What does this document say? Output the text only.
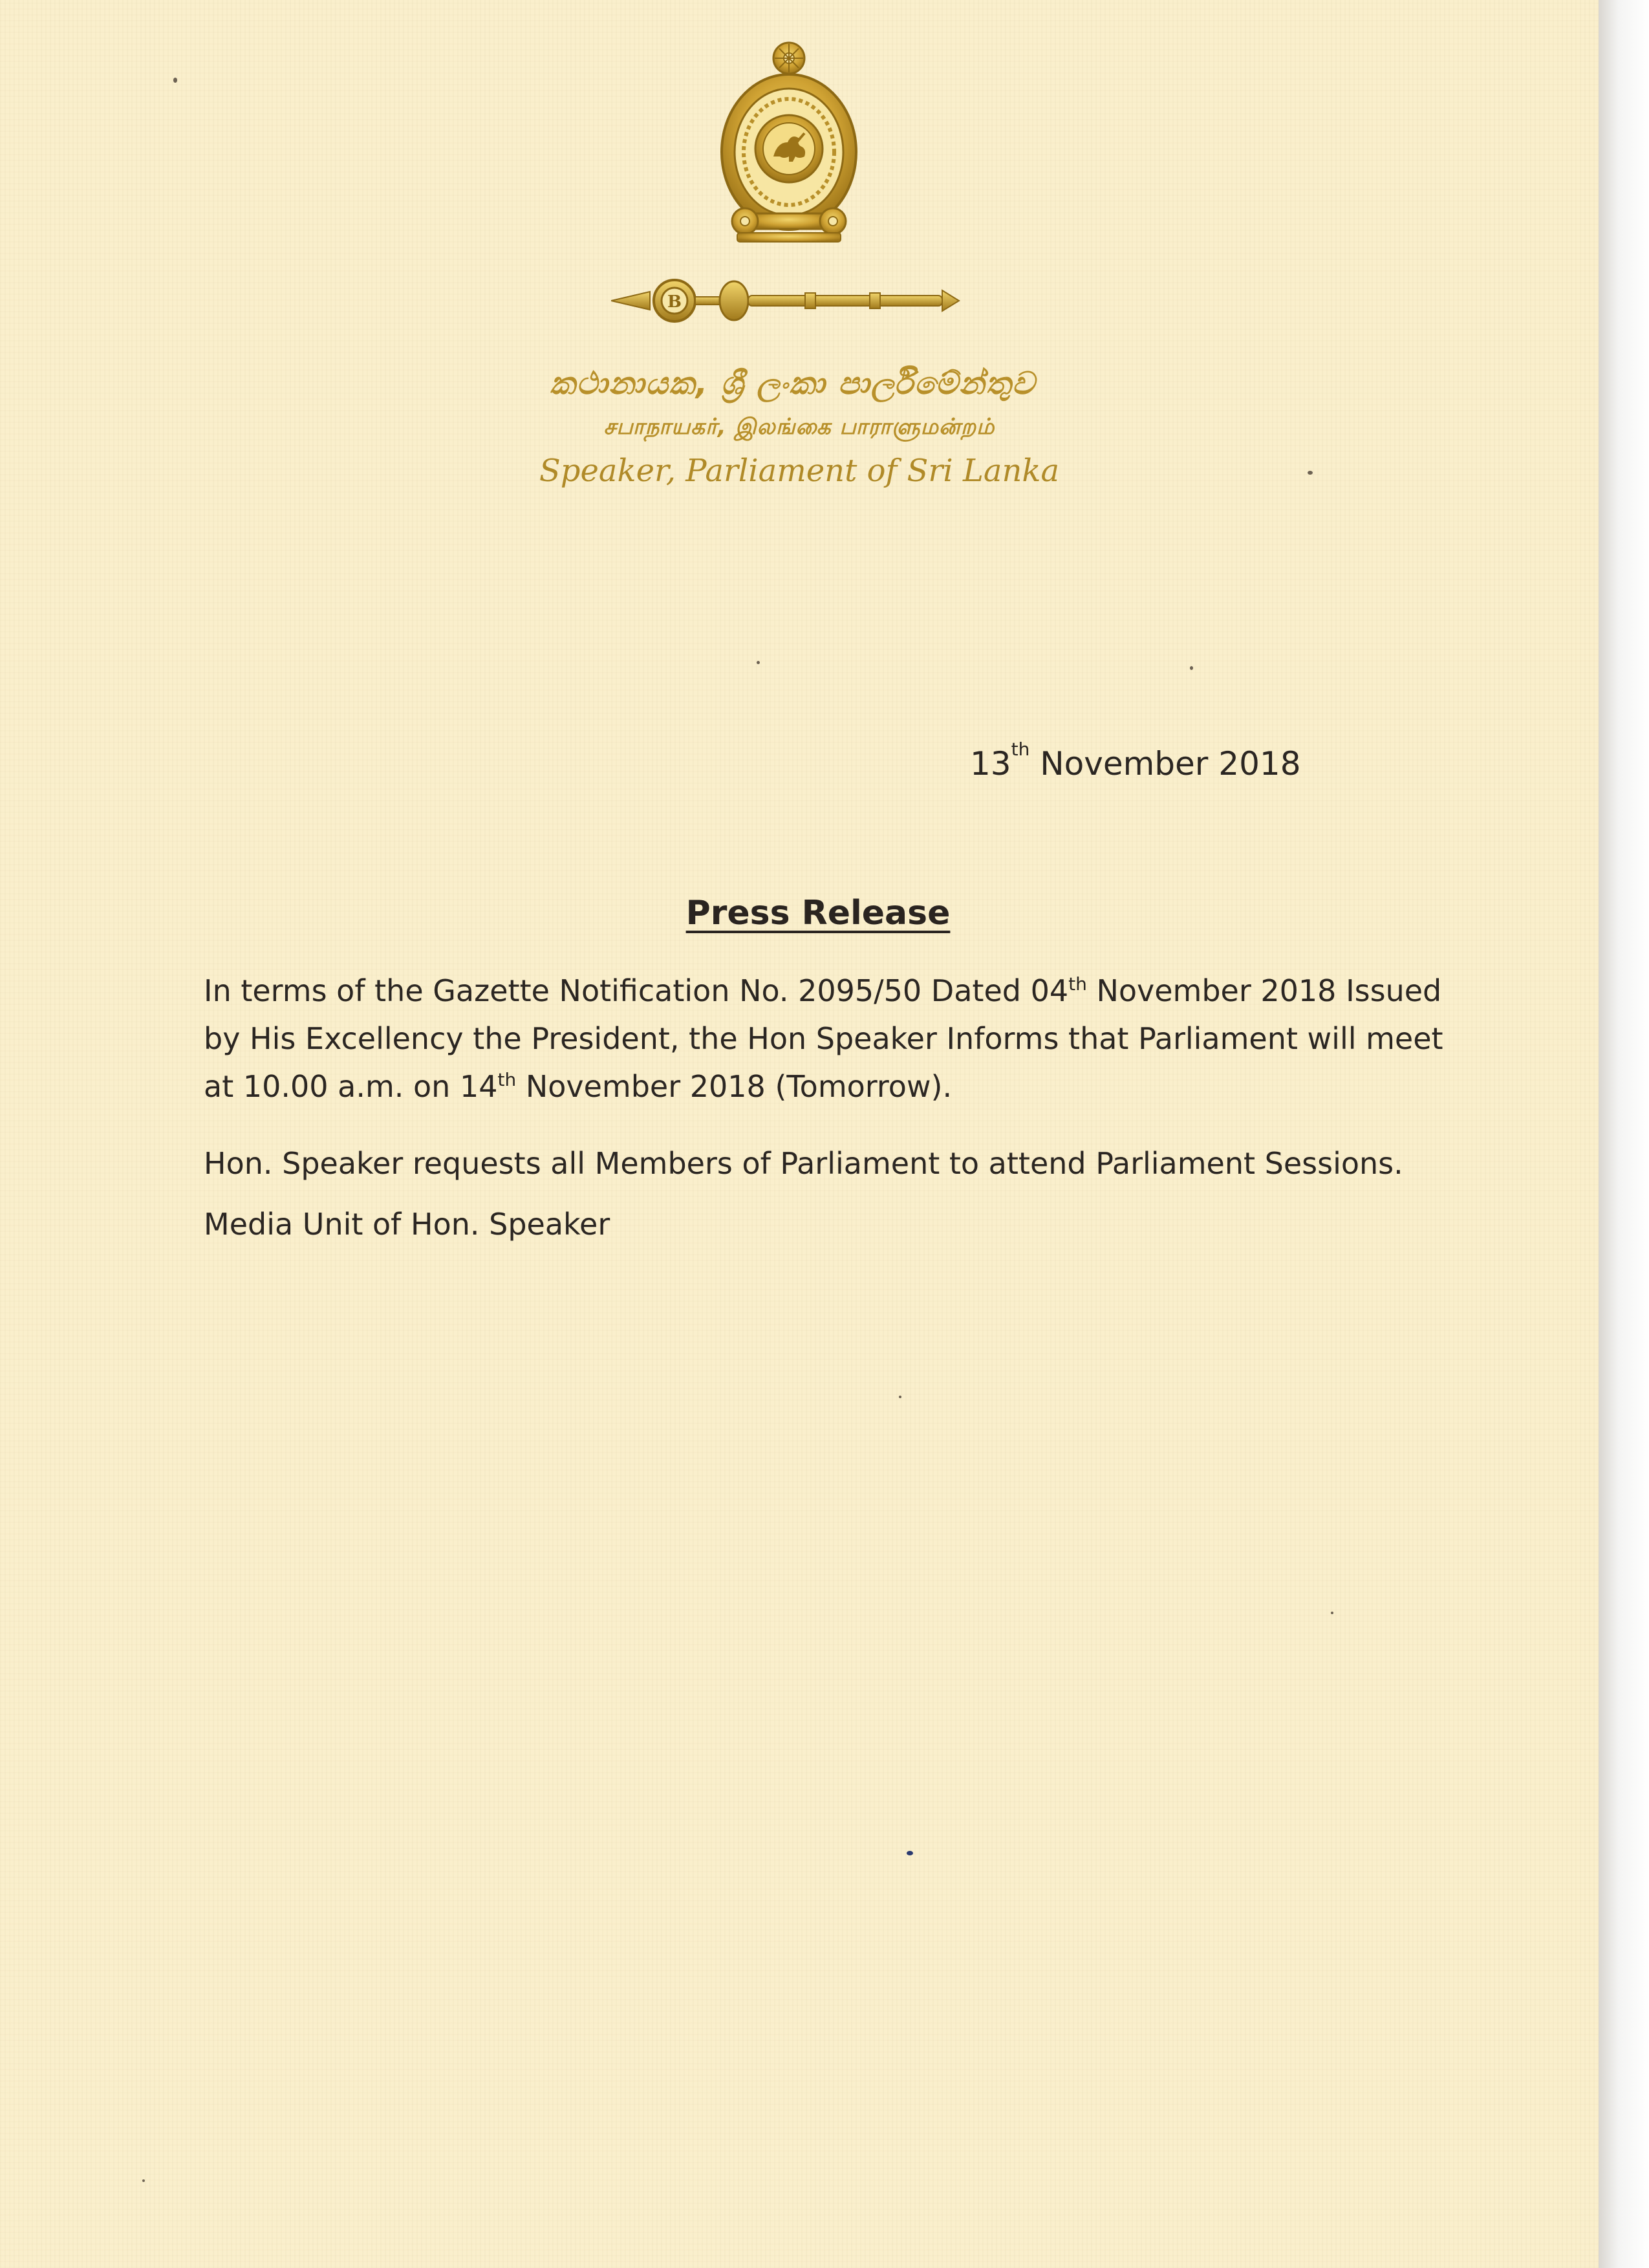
B
කථානායක, ශ්‍රී ලංකා පාර්ලිමේන්තුව
சபாநாயகர், இலங்கை பாராளுமன்றம்
Speaker, Parliament of Sri Lanka
13th November 2018
Press Release
In terms of the Gazette Notification No. 2095/50 Dated 04th November 2018 Issued by His Excellency the President, the Hon Speaker Informs that Parliament will meet at 10.00 a.m. on 14th November 2018 (Tomorrow).
Hon. Speaker requests all Members of Parliament to attend Parliament Sessions.
Media Unit of Hon. Speaker
